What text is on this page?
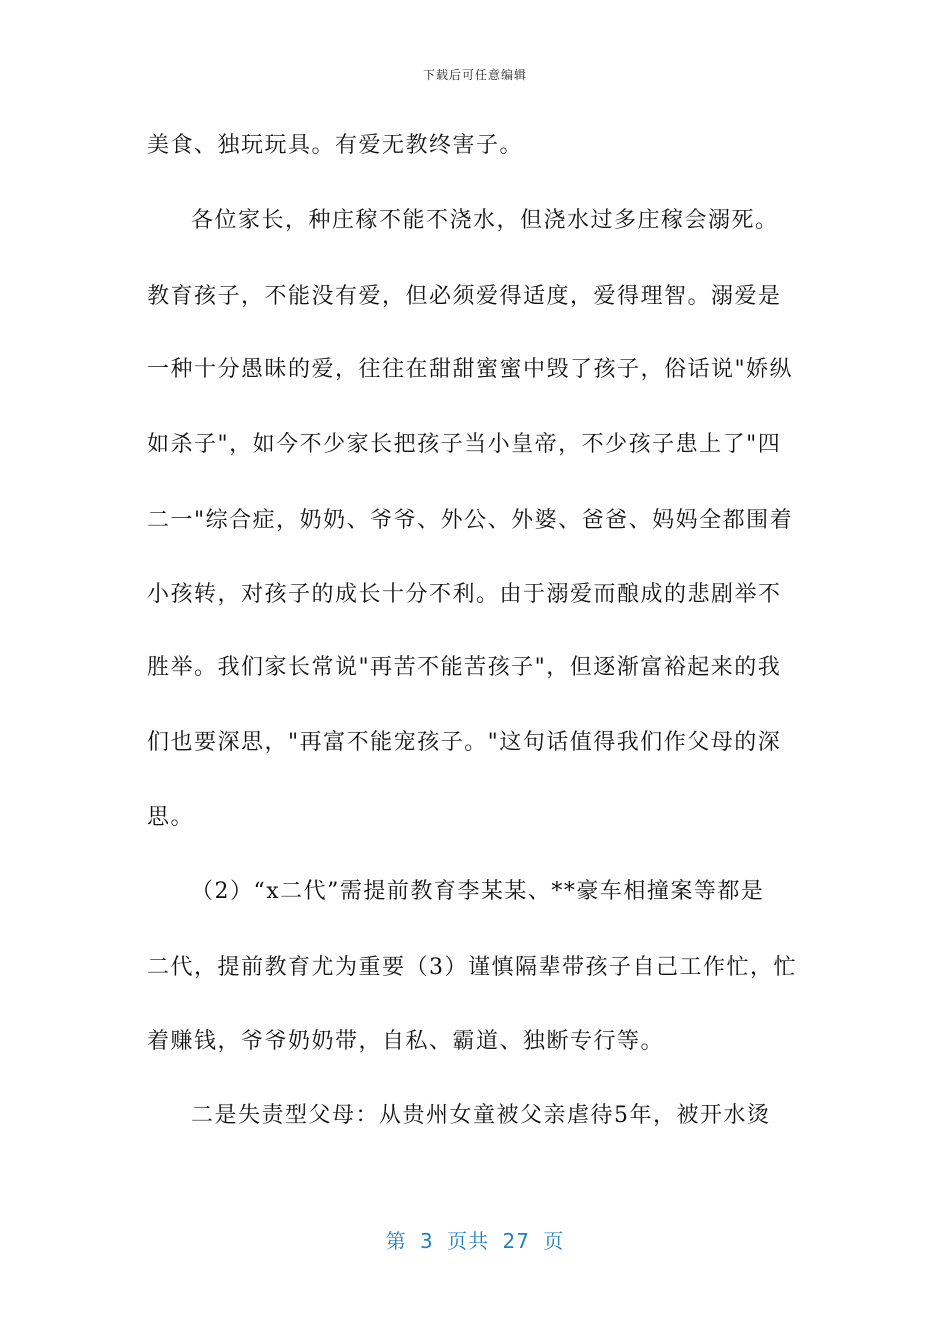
下载后可任意编辑
美食、独玩玩具。有爱无教终害子。
各位家长，种庄稼不能不浇水，但浇水过多庄稼会溺死。
教育孩子，不能没有爱，但必须爱得适度，爱得理智。溺爱是
一种十分愚昧的爱，往往在甜甜蜜蜜中毁了孩子，俗话说"娇纵
如杀子"，如今不少家长把孩子当小皇帝，不少孩子患上了"四
二一"综合症，奶奶、爷爷、外公、外婆、爸爸、妈妈全都围着
小孩转，对孩子的成长十分不利。由于溺爱而酿成的悲剧举不
胜举。我们家长常说"再苦不能苦孩子"，但逐渐富裕起来的我
们也要深思，"再富不能宠孩子。"这句话值得我们作父母的深
思。
（2）“x二代”需提前教育李某某、**豪车相撞案等都是
二代，提前教育尤为重要（3）谨慎隔辈带孩子自己工作忙，忙
着赚钱，爷爷奶奶带，自私、霸道、独断专行等。
二是失责型父母：从贵州女童被父亲虐待5年，被开水烫
第 3 页共 27 页
